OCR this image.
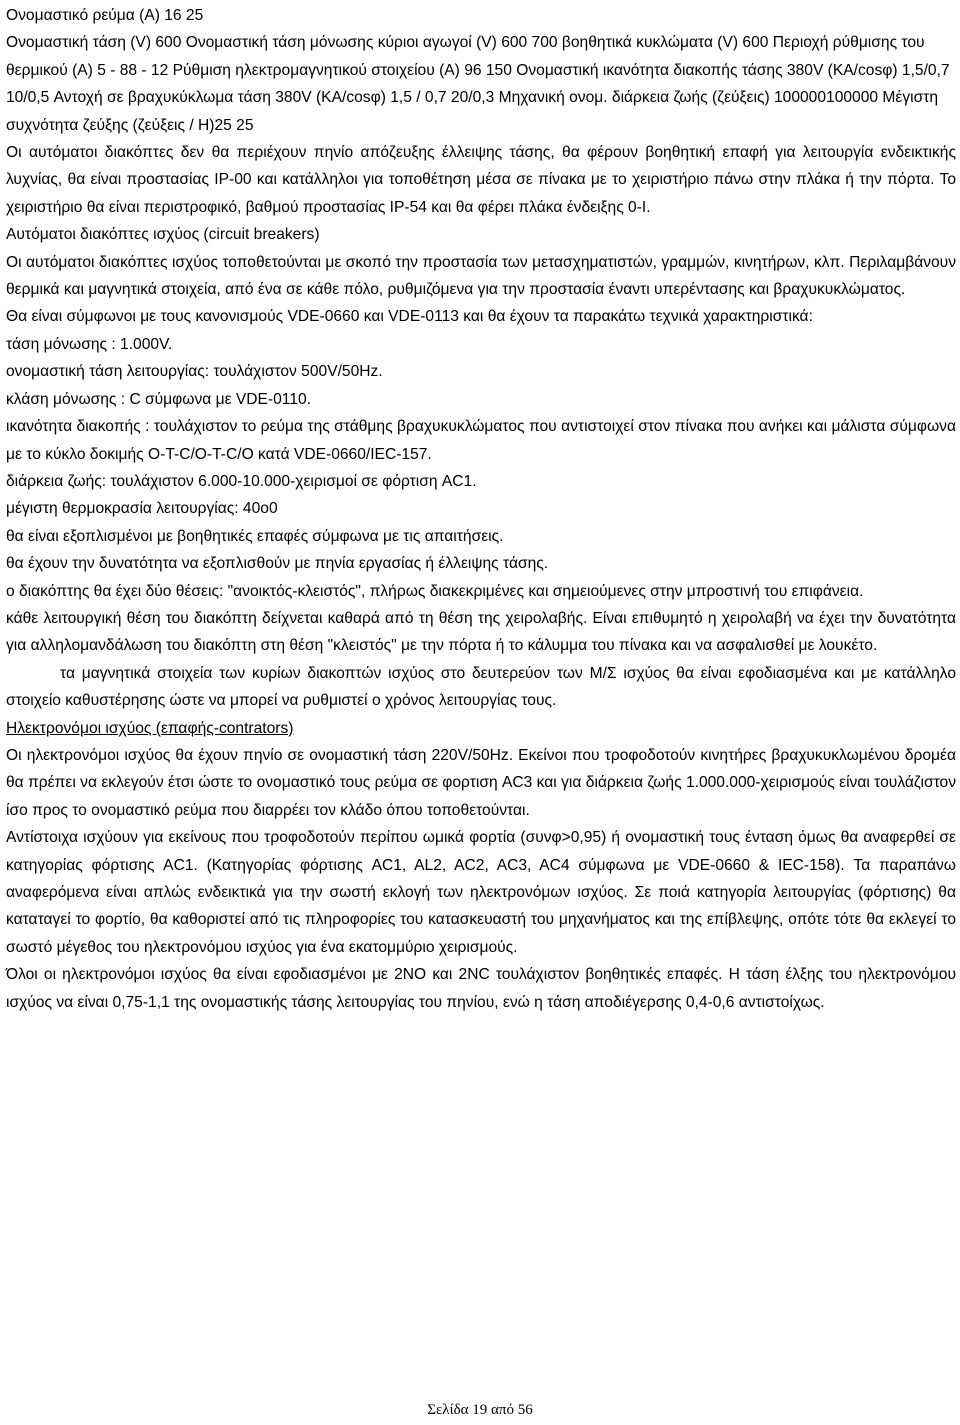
Ονομαστικό ρεύμα (Α) 16 25

Ονομαστική τάση (V) 600 Ονομαστική τάση μόνωσης κύριοι αγωγοί (V) 600 700 βοηθητικά κυκλώματα (V) 600 Περιοχή ρύθμισης του θερμικού (Α) 5 - 88 - 12 Ρύθμιση ηλεκτρομαγνητικού στοιχείου (Α) 96 150 Ονομαστική ικανότητα διακοπής τάσης 380V (ΚΑ/cosφ) 1,5/0,7 10/0,5 Αντοχή σε βραχυκύκλωμα τάση 380V (ΚΑ/cosφ) 1,5 / 0,7 20/0,3 Μηχανική ονομ. διάρκεια ζωής (ζεύξεις) 100000100000 Μέγιστη συχνότητα ζεύξης (ζεύξεις / Η)25 25

Οι αυτόματοι διακόπτες δεν θα περιέχουν πηνίο απόζευξης έλλειψης τάσης, θα φέρουν βοηθητική επαφή για λειτουργία ενδεικτικής λυχνίας, θα είναι προστασίας IP-00 και κατάλληλοι για τοποθέτηση μέσα σε πίνακα με το χειριστήριο πάνω στην πλάκα ή την πόρτα. Το χειριστήριο θα είναι περιστροφικό, βαθμού προστασίας IP-54 και θα φέρει πλάκα ένδειξης 0-I.

Αυτόματοι διακόπτες ισχύος (circuit breakers)

Οι αυτόματοι διακόπτες ισχύος τοποθετούνται με σκοπό την προστασία των μετασχηματιστών, γραμμών, κινητήρων, κλπ. Περιλαμβάνουν θερμικά και μαγνητικά στοιχεία, από ένα σε κάθε πόλο, ρυθμιζόμενα για την προστασία έναντι υπερέντασης και βραχυκυκλώματος.

Θα είναι σύμφωνοι με τους κανονισμούς VDE-0660 και VDE-0113 και θα έχουν τα παρακάτω τεχνικά χαρακτηριστικά:

τάση μόνωσης : 1.000V.

ονομαστική τάση λειτουργίας: τουλάχιστον 500V/50Hz.

κλάση μόνωσης : C σύμφωνα με VDE-0110.

ικανότητα διακοπής : τουλάχιστον το ρεύμα της στάθμης βραχυκυκλώματος που αντιστοιχεί στον πίνακα που ανήκει και μάλιστα σύμφωνα με το κύκλο δοκιμής O-T-C/O-T-C/O κατά VDE-0660/IEC-157.

διάρκεια ζωής: τουλάχιστον 6.000-10.000-χειρισμοί σε φόρτιση AC1.

μέγιστη θερμοκρασία λειτουργίας: 40ο0

θα είναι εξοπλισμένοι με βοηθητικές επαφές σύμφωνα με τις απαιτήσεις.

θα έχουν την δυνατότητα να εξοπλισθούν με πηνία εργασίας ή έλλειψης τάσης.

ο διακόπτης θα έχει δύο θέσεις: "ανοικτός-κλειστός", πλήρως διακεκριμένες και σημειούμενες στην μπροστινή του επιφάνεια.

κάθε λειτουργική θέση του διακόπτη δείχνεται καθαρά από τη θέση της χειρολαβής. Είναι επιθυμητό η χειρολαβή να έχει την δυνατότητα για αλληλομανδάλωση του διακόπτη στη θέση "κλειστός" με την πόρτα ή το κάλυμμα του πίνακα και να ασφαλισθεί με λουκέτο.

τα μαγνητικά στοιχεία των κυρίων διακοπτών ισχύος στο δευτερεύον των Μ/Σ ισχύος θα είναι εφοδιασμένα και με κατάλληλο στοιχείο καθυστέρησης ώστε να μπορεί να ρυθμιστεί ο χρόνος λειτουργίας τους.

Ηλεκτρονόμοι ισχύος (επαφής-contrators)

Οι ηλεκτρονόμοι ισχύος θα έχουν πηνίο σε ονομαστική τάση 220V/50Hz. Εκείνοι που τροφοδοτούν κινητήρες βραχυκυκλωμένου δρομέα θα πρέπει να εκλεγούν έτσι ώστε το ονομαστικό τους ρεύμα σε φορτιση AC3 και για διάρκεια ζωής 1.000.000-χειρισμούς είναι τουλάζιστον ίσο προς το ονομαστικό ρεύμα που διαρρέει τον κλάδο όπου τοποθετούνται.

Αντίστοιχα ισχύουν για εκείνους που τροφοδοτούν περίπου ωμικά φορτία (συνφ>0,95) ή ονομαστική τους ένταση όμως θα αναφερθεί σε κατηγορίας φόρτισης AC1. (Κατηγορίας φόρτισης AC1, AL2, AC2, AC3, AC4 σύμφωνα με VDE-0660 & IEC-158). Τα παραπάνω αναφερόμενα είναι απλώς ενδεικτικά για την σωστή εκλογή των ηλεκτρονόμων ισχύος. Σε ποιά κατηγορία λειτουργίας (φόρτισης) θα καταταγεί το φορτίο, θα καθοριστεί από τις πληροφορίες του κατασκευαστή του μηχανήματος και της επίβλεψης, οπότε τότε θα εκλεγεί το σωστό μέγεθος του ηλεκτρονόμου ισχύος για ένα εκατομμύριο χειρισμούς.

Όλοι οι ηλεκτρονόμοι ισχύος θα είναι εφοδιασμένοι με 2ΝΟ και 2NC τουλάχιστον βοηθητικές επαφές. Η τάση έλξης του ηλεκτρονόμου ισχύος να είναι 0,75-1,1 της ονομαστικής τάσης λειτουργίας του πηνίου, ενώ η τάση αποδιέγερσης 0,4-0,6 αντιστοίχως.

Σελίδα 19 από 56
